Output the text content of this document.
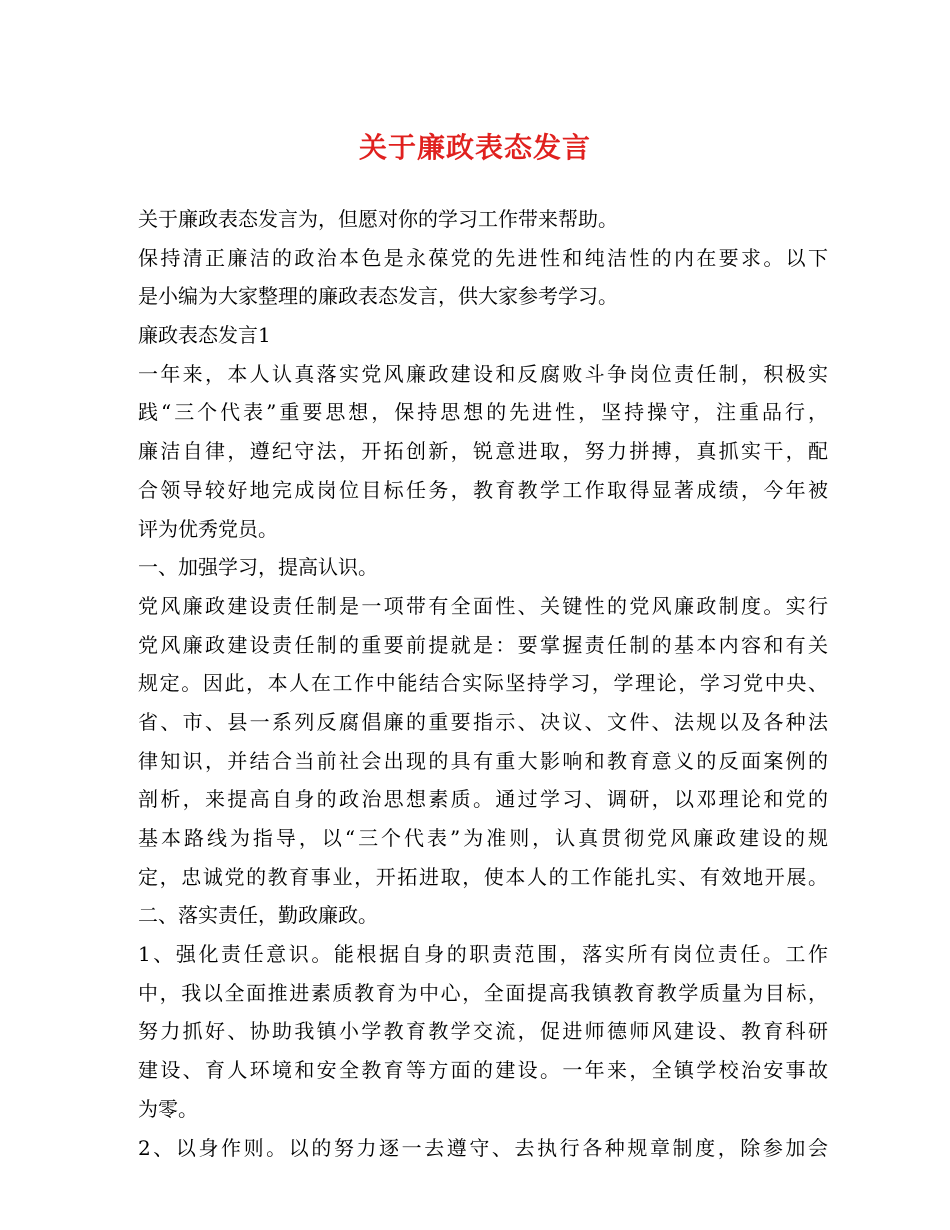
关于廉政表态发言
关于廉政表态发言为，但愿对你的学习工作带来帮助。
保持清正廉洁的政治本色是永葆党的先进性和纯洁性的内在要求。以下
是小编为大家整理的廉政表态发言，供大家参考学习。
廉政表态发言1
一年来，本人认真落实党风廉政建设和反腐败斗争岗位责任制，积极实
践“三个代表”重要思想，保持思想的先进性，坚持操守，注重品行，
廉洁自律，遵纪守法，开拓创新，锐意进取，努力拼搏，真抓实干，配
合领导较好地完成岗位目标任务，教育教学工作取得显著成绩，今年被
评为优秀党员。
一、加强学习，提高认识。
党风廉政建设责任制是一项带有全面性、关键性的党风廉政制度。实行
党风廉政建设责任制的重要前提就是：要掌握责任制的基本内容和有关
规定。因此，本人在工作中能结合实际坚持学习，学理论，学习党中央、
省、市、县一系列反腐倡廉的重要指示、决议、文件、法规以及各种法
律知识，并结合当前社会出现的具有重大影响和教育意义的反面案例的
剖析，来提高自身的政治思想素质。通过学习、调研，以邓理论和党的
基本路线为指导，以“三个代表”为准则，认真贯彻党风廉政建设的规
定，忠诚党的教育事业，开拓进取，使本人的工作能扎实、有效地开展。
二、落实责任，勤政廉政。
1、强化责任意识。能根据自身的职责范围，落实所有岗位责任。工作
中，我以全面推进素质教育为中心，全面提高我镇教育教学质量为目标，
努力抓好、协助我镇小学教育教学交流，促进师德师风建设、教育科研
建设、育人环境和安全教育等方面的建设。一年来，全镇学校治安事故
为零。
2、以身作则。以的努力逐一去遵守、去执行各种规章制度，除参加会
